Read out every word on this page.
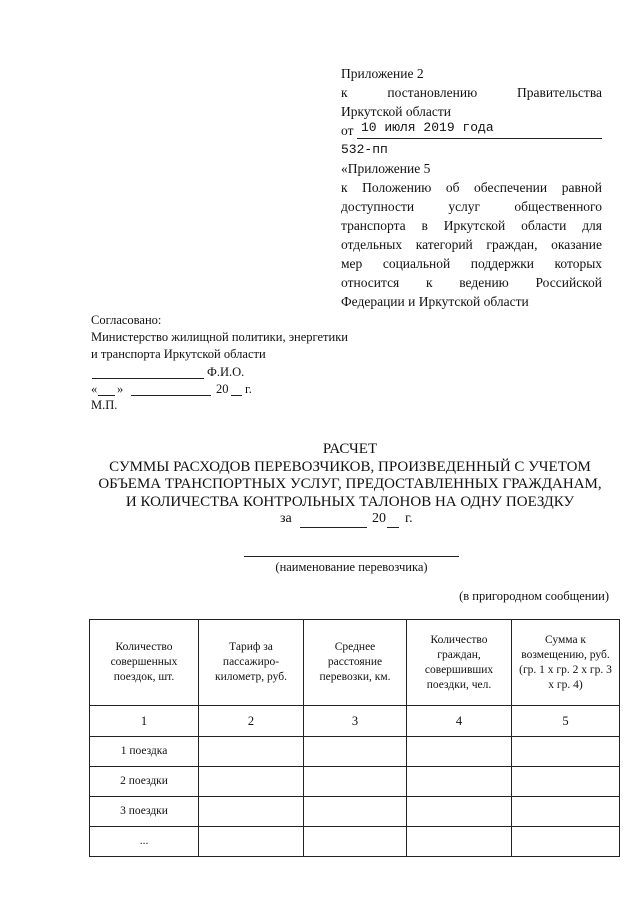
Приложение 2
к	постановлению	Правительства
Иркутской области
от 10 июля 2019 года
532-пп
«Приложение 5
к Положению об обеспечении равной
доступности	услуг	общественного
транспорта в Иркутской области для
отдельных категорий граждан, оказание
мер социальной поддержки которых
относится к ведению Российской
Федерации и Иркутской области
Согласовано:
Министерство жилищной политики, энергетики
и транспорта Иркутской области
Ф.И.О.
« »	20 г.
М.П.
РАСЧЕТ
СУММЫ РАСХОДОВ ПЕРЕВОЗЧИКОВ, ПРОИЗВЕДЕННЫЙ С УЧЕТОМ
ОБЪЕМА ТРАНСПОРТНЫХ УСЛУГ, ПРЕДОСТАВЛЕННЫХ ГРАЖДАНАМ,
И КОЛИЧЕСТВА КОНТРОЛЬНЫХ ТАЛОНОВ НА ОДНУ ПОЕЗДКУ
за	20 г.
(наименование перевозчика)
(в пригородном сообщении)
Количество совершенных поездок, шт.	Тариф за пассажиро-километр, руб.	Среднее расстояние перевозки, км.	Количество граждан, совершивших поездки, чел.	Сумма к возмещению, руб. (гр. 1 x гр. 2 x гр. 3 x гр. 4)
1	2	3	4	5
1 поездка				
2 поездки				
3 поездки				
...				
